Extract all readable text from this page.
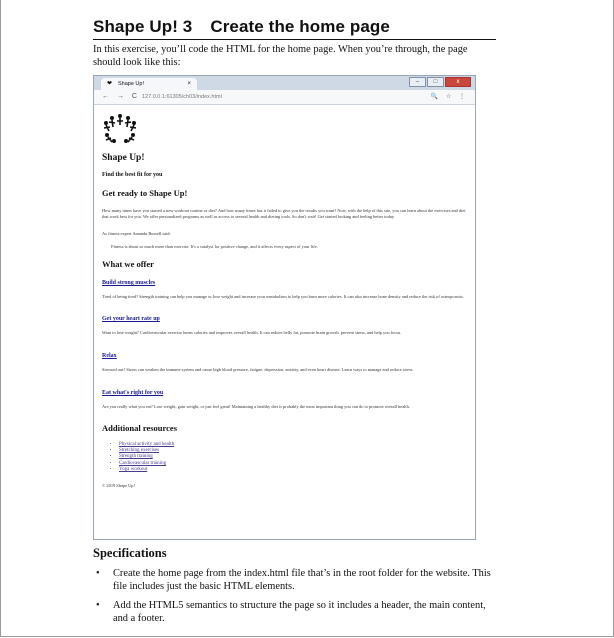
Shape Up! 3 Create the home page
In this exercise, you’ll code the HTML for the home page. When you’re through, the page should look like this:
❤ Shape Up!	×	–	□	x
← → C 127.0.0.1:61305/ch03/index.html	🔍 ☆ ⋮
Shape Up!
Find the best fit for you
Get ready to Shape Up!
How many times have you started a new workout routine or diet? And how many times has it failed to give you the results you want? Now, with the help of this site, you can learn about the exercises and diet that work best for you. We offer personalized programs as well as access to several health and dieting tools. So don't wait! Get started looking and feeling better today.
As fitness expert Amanda Russell said:
Fitness is about so much more than exercise. It's a catalyst for positive change, and it affects every aspect of your life.
What we offer
Build strong muscles
Tired of being tired? Strength training can help you manage or lose weight and increase your metabolism to help you burn more calories. It can also increase bone density and reduce the risk of osteoporosis.
Get your heart rate up
Want to lose weight? Cardiovascular exercise burns calories and improves overall health. It can reduce belly fat, promote brain growth, prevent stress, and help you focus.
Relax
Stressed out? Stress can weaken the immune system and cause high blood pressure, fatigue, depression, anxiety, and even heart disease. Learn ways to manage and reduce stress.
Eat what's right for you
Are you really what you eat? Lose weight, gain weight, or just feel great! Maintaining a healthy diet is probably the most important thing you can do to promote overall health.
Additional resources
• Physical activity and health
• Stretching exercises
• Strength training
• Cardiovascular training
• Yoga workout
© 2019 Shape Up!
Specifications
• Create the home page from the index.html file that’s in the root folder for the website. This file includes just the basic HTML elements.
• Add the HTML5 semantics to structure the page so it includes a header, the main content, and a footer.
